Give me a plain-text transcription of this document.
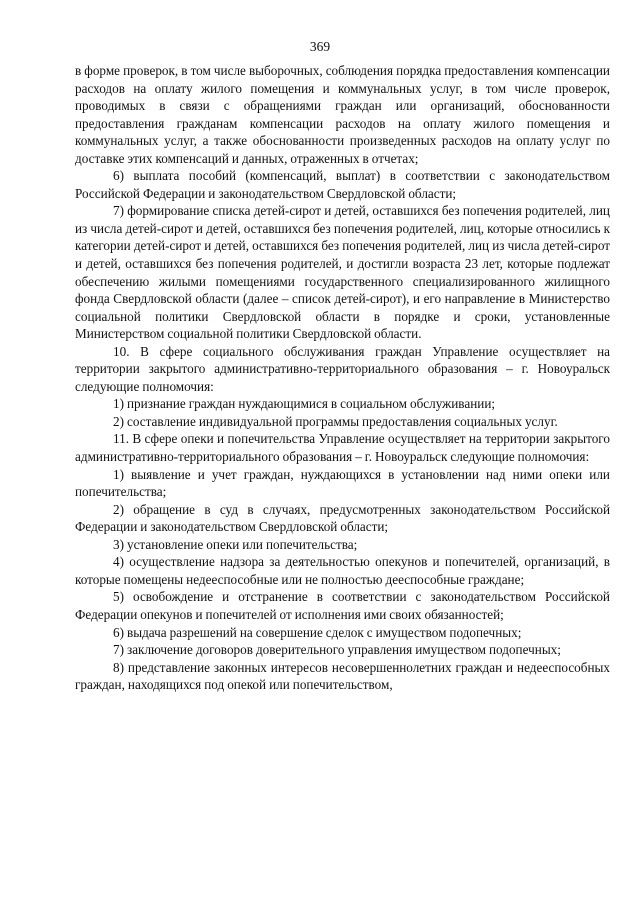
369

в форме проверок, в том числе выборочных, соблюдения порядка предоставления компенсации расходов на оплату жилого помещения и коммунальных услуг, в том числе проверок, проводимых в связи с обращениями граждан или организаций, обоснованности предоставления гражданам компенсации расходов на оплату жилого помещения и коммунальных услуг, а также обоснованности произведенных расходов на оплату услуг по доставке этих компенсаций и данных, отраженных в отчетах;

6) выплата пособий (компенсаций, выплат) в соответствии с законодательством Российской Федерации и законодательством Свердловской области;

7) формирование списка детей-сирот и детей, оставшихся без попечения родителей, лиц из числа детей-сирот и детей, оставшихся без попечения родителей, лиц, которые относились к категории детей-сирот и детей, оставшихся без попечения родителей, лиц из числа детей-сирот и детей, оставшихся без попечения родителей, и достигли возраста 23 лет, которые подлежат обеспечению жилыми помещениями государственного специализированного жилищного фонда Свердловской области (далее – список детей-сирот), и его направление в Министерство социальной политики Свердловской области в порядке и сроки, установленные Министерством социальной политики Свердловской области.

10. В сфере социального обслуживания граждан Управление осуществляет на территории закрытого административно-территориального образования – г. Новоуральск следующие полномочия:

1) признание граждан нуждающимися в социальном обслуживании;

2) составление индивидуальной программы предоставления социальных услуг.

11. В сфере опеки и попечительства Управление осуществляет на территории закрытого административно-территориального образования – г. Новоуральск следующие полномочия:

1) выявление и учет граждан, нуждающихся в установлении над ними опеки или попечительства;

2) обращение в суд в случаях, предусмотренных законодательством Российской Федерации и законодательством Свердловской области;

3) установление опеки или попечительства;

4) осуществление надзора за деятельностью опекунов и попечителей, организаций, в которые помещены недееспособные или не полностью дееспособные граждане;

5) освобождение и отстранение в соответствии с законодательством Российской Федерации опекунов и попечителей от исполнения ими своих обязанностей;

6) выдача разрешений на совершение сделок с имуществом подопечных;

7) заключение договоров доверительного управления имуществом подопечных;

8) представление законных интересов несовершеннолетних граждан и недееспособных граждан, находящихся под опекой или попечительством,
